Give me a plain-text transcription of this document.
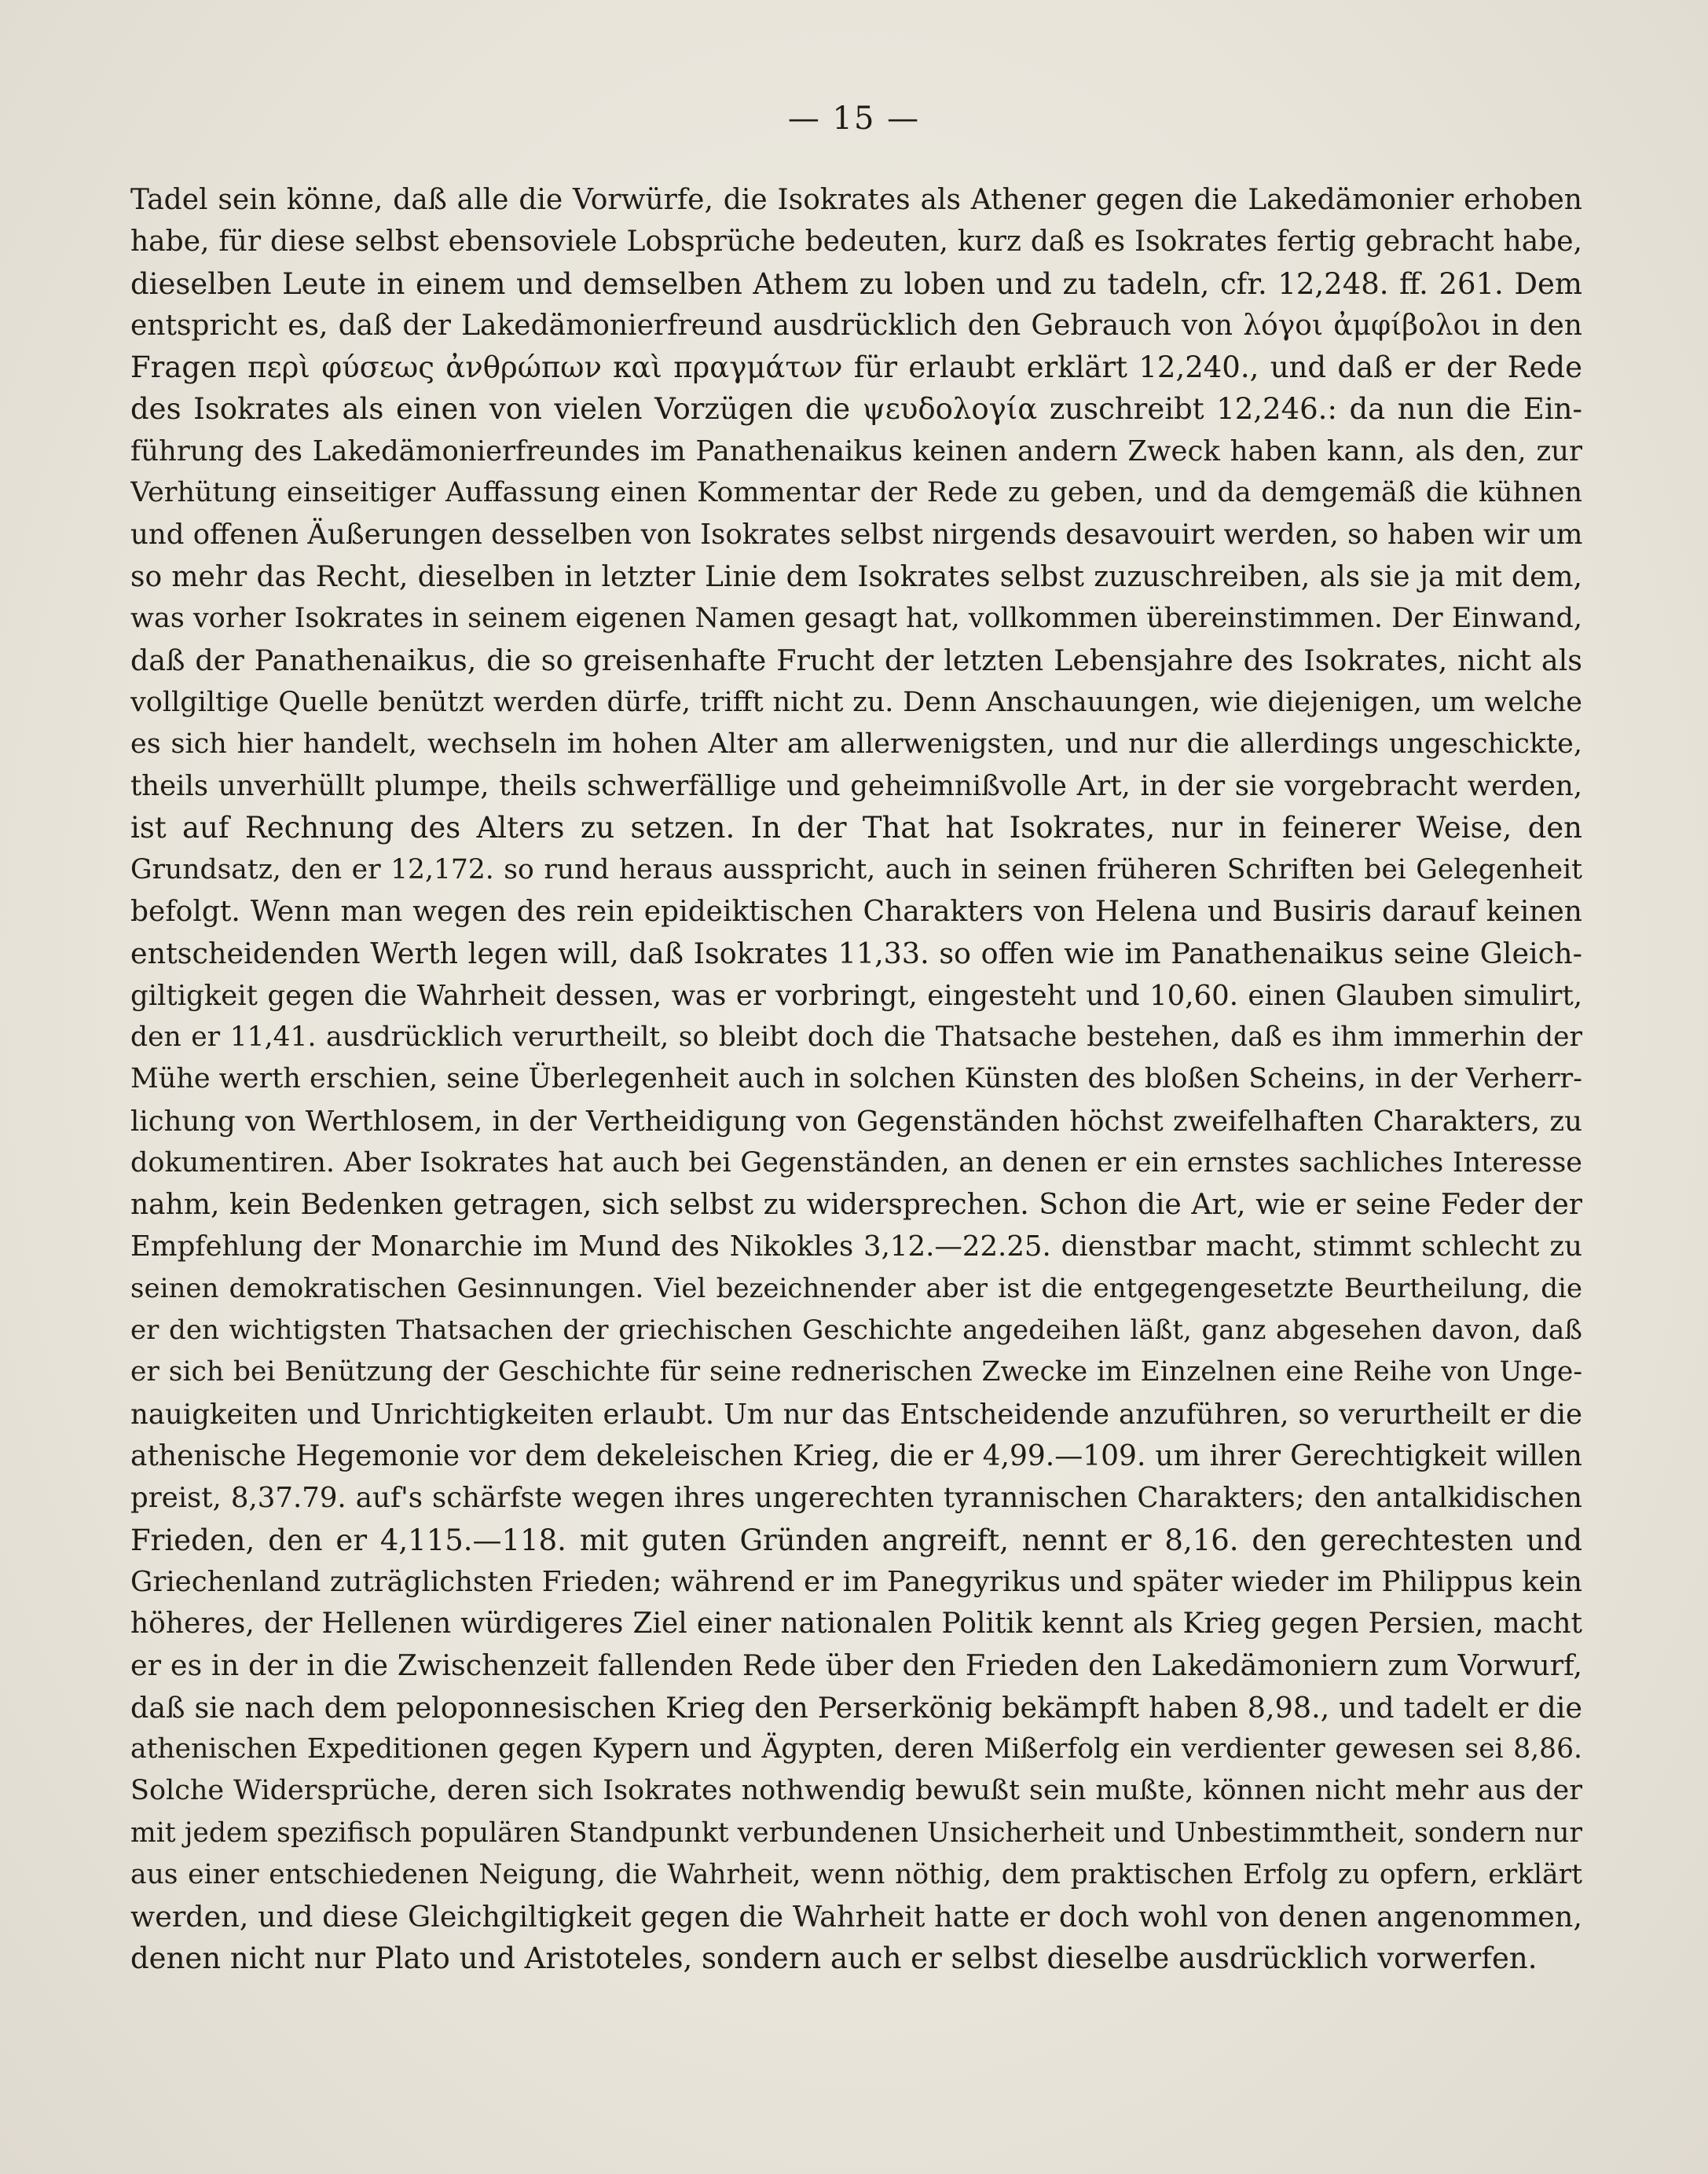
— 15 —
Tadel sein könne, daß alle die Vorwürfe, die Isokrates als Athener gegen die Lakedämonier erhoben
habe, für diese selbst ebensoviele Lobsprüche bedeuten, kurz daß es Isokrates fertig gebracht habe,
dieselben Leute in einem und demselben Athem zu loben und zu tadeln, cfr. 12,248. ff. 261. Dem
entspricht es, daß der Lakedämonierfreund ausdrücklich den Gebrauch von λόγοι ἀμφίβολοι in den
Fragen περὶ φύσεως ἀνθρώπων καὶ πραγμάτων für erlaubt erklärt 12,240., und daß er der Rede
des Isokrates als einen von vielen Vorzügen die ψευδολογία zuschreibt 12,246.: da nun die Ein-
führung des Lakedämonierfreundes im Panathenaikus keinen andern Zweck haben kann, als den, zur
Verhütung einseitiger Auffassung einen Kommentar der Rede zu geben, und da demgemäß die kühnen
und offenen Äußerungen desselben von Isokrates selbst nirgends desavouirt werden, so haben wir um
so mehr das Recht, dieselben in letzter Linie dem Isokrates selbst zuzuschreiben, als sie ja mit dem,
was vorher Isokrates in seinem eigenen Namen gesagt hat, vollkommen übereinstimmen. Der Einwand,
daß der Panathenaikus, die so greisenhafte Frucht der letzten Lebensjahre des Isokrates, nicht als
vollgiltige Quelle benützt werden dürfe, trifft nicht zu. Denn Anschauungen, wie diejenigen, um welche
es sich hier handelt, wechseln im hohen Alter am allerwenigsten, und nur die allerdings ungeschickte,
theils unverhüllt plumpe, theils schwerfällige und geheimnißvolle Art, in der sie vorgebracht werden,
ist auf Rechnung des Alters zu setzen. In der That hat Isokrates, nur in feinerer Weise, den
Grundsatz, den er 12,172. so rund heraus ausspricht, auch in seinen früheren Schriften bei Gelegenheit
befolgt. Wenn man wegen des rein epideiktischen Charakters von Helena und Busiris darauf keinen
entscheidenden Werth legen will, daß Isokrates 11,33. so offen wie im Panathenaikus seine Gleich-
giltigkeit gegen die Wahrheit dessen, was er vorbringt, eingesteht und 10,60. einen Glauben simulirt,
den er 11,41. ausdrücklich verurtheilt, so bleibt doch die Thatsache bestehen, daß es ihm immerhin der
Mühe werth erschien, seine Überlegenheit auch in solchen Künsten des bloßen Scheins, in der Verherr-
lichung von Werthlosem, in der Vertheidigung von Gegenständen höchst zweifelhaften Charakters, zu
dokumentiren. Aber Isokrates hat auch bei Gegenständen, an denen er ein ernstes sachliches Interesse
nahm, kein Bedenken getragen, sich selbst zu widersprechen. Schon die Art, wie er seine Feder der
Empfehlung der Monarchie im Mund des Nikokles 3,12.—22.25. dienstbar macht, stimmt schlecht zu
seinen demokratischen Gesinnungen. Viel bezeichnender aber ist die entgegengesetzte Beurtheilung, die
er den wichtigsten Thatsachen der griechischen Geschichte angedeihen läßt, ganz abgesehen davon, daß
er sich bei Benützung der Geschichte für seine rednerischen Zwecke im Einzelnen eine Reihe von Unge-
nauigkeiten und Unrichtigkeiten erlaubt. Um nur das Entscheidende anzuführen, so verurtheilt er die
athenische Hegemonie vor dem dekeleischen Krieg, die er 4,99.—109. um ihrer Gerechtigkeit willen
preist, 8,37.79. auf's schärfste wegen ihres ungerechten tyrannischen Charakters; den antalkidischen
Frieden, den er 4,115.—118. mit guten Gründen angreift, nennt er 8,16. den gerechtesten und
Griechenland zuträglichsten Frieden; während er im Panegyrikus und später wieder im Philippus kein
höheres, der Hellenen würdigeres Ziel einer nationalen Politik kennt als Krieg gegen Persien, macht
er es in der in die Zwischenzeit fallenden Rede über den Frieden den Lakedämoniern zum Vorwurf,
daß sie nach dem peloponnesischen Krieg den Perserkönig bekämpft haben 8,98., und tadelt er die
athenischen Expeditionen gegen Kypern und Ägypten, deren Mißerfolg ein verdienter gewesen sei 8,86.
Solche Widersprüche, deren sich Isokrates nothwendig bewußt sein mußte, können nicht mehr aus der
mit jedem spezifisch populären Standpunkt verbundenen Unsicherheit und Unbestimmtheit, sondern nur
aus einer entschiedenen Neigung, die Wahrheit, wenn nöthig, dem praktischen Erfolg zu opfern, erklärt
werden, und diese Gleichgiltigkeit gegen die Wahrheit hatte er doch wohl von denen angenommen,
denen nicht nur Plato und Aristoteles, sondern auch er selbst dieselbe ausdrücklich vorwerfen.
